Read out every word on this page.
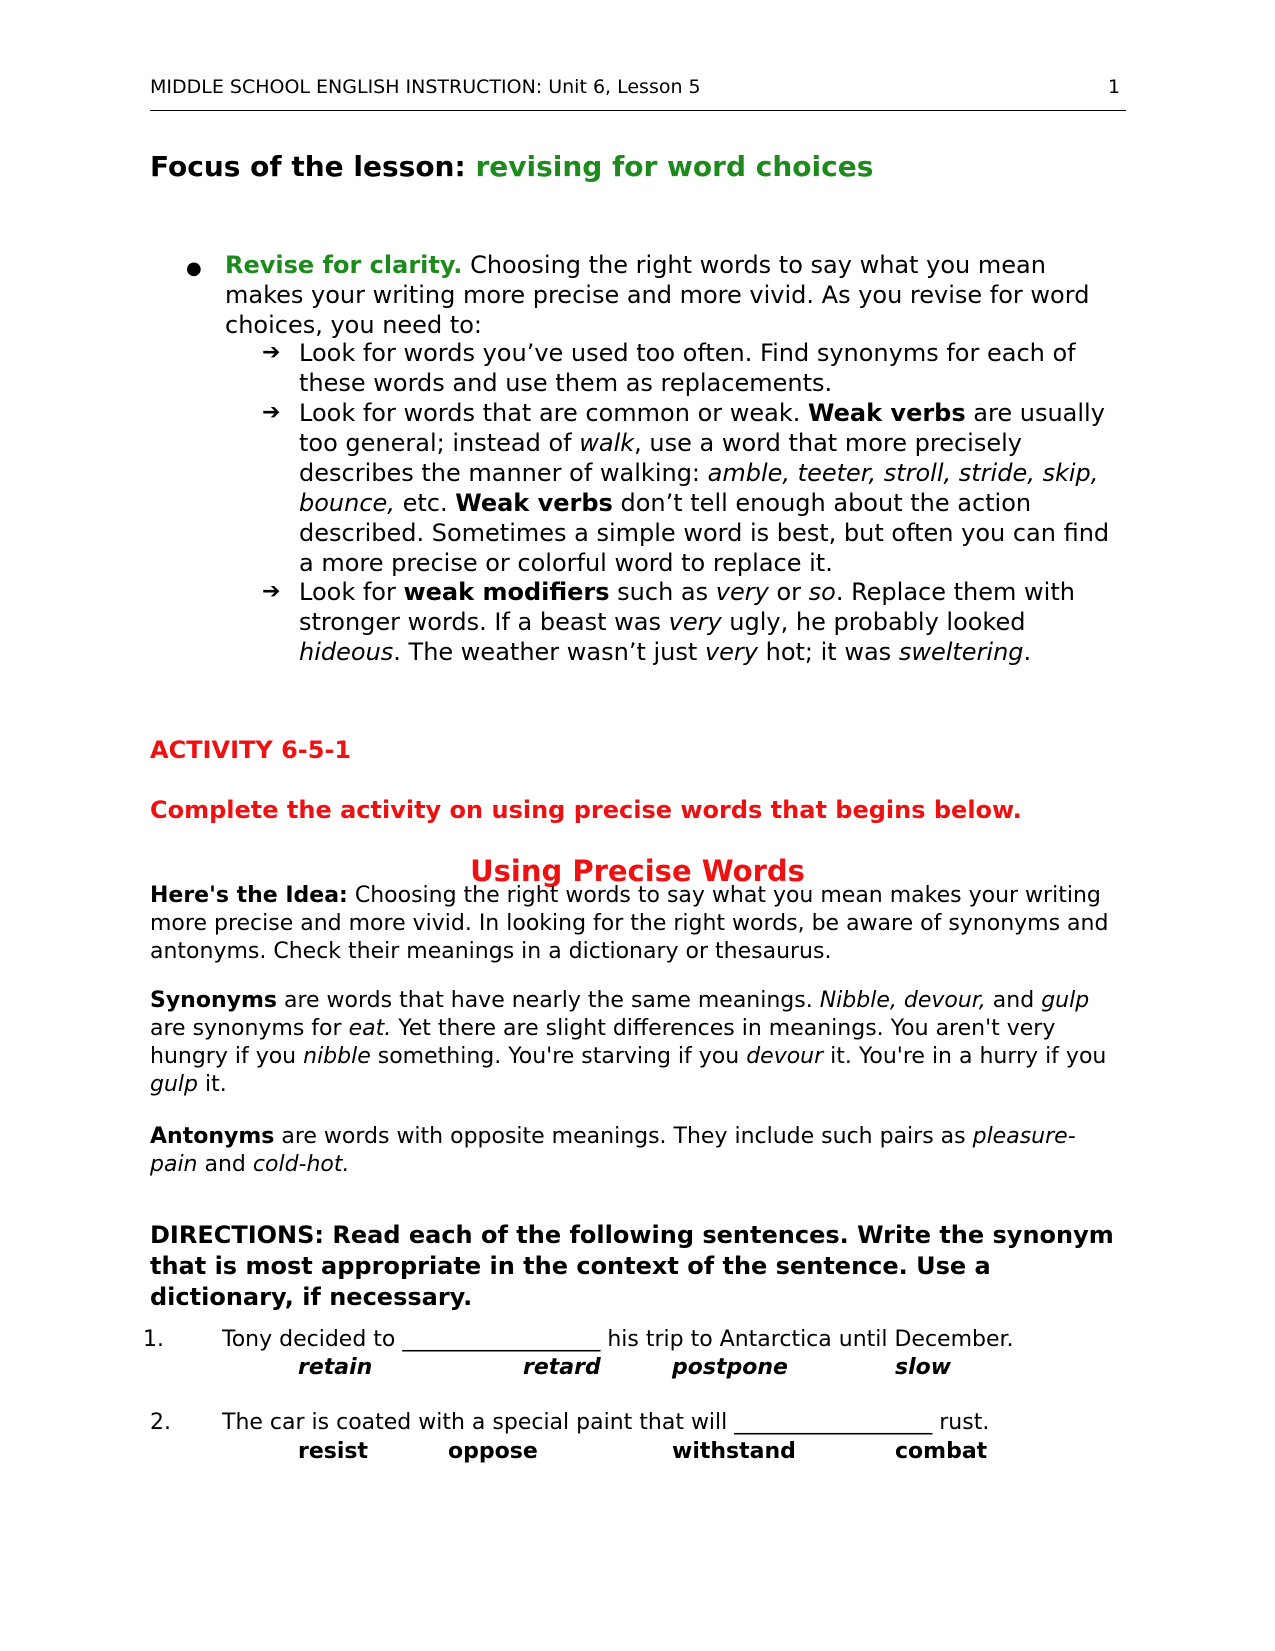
MIDDLE SCHOOL ENGLISH INSTRUCTION: Unit 6, Lesson 5	1
Focus of the lesson: revising for word choices
● Revise for clarity. Choosing the right words to say what you mean makes your writing more precise and more vivid. As you revise for word choices, you need to:
➔ Look for words you’ve used too often. Find synonyms for each of these words and use them as replacements.
➔ Look for words that are common or weak. Weak verbs are usually too general; instead of walk, use a word that more precisely describes the manner of walking: amble, teeter, stroll, stride, skip, bounce, etc. Weak verbs don’t tell enough about the action described. Sometimes a simple word is best, but often you can find a more precise or colorful word to replace it.
➔ Look for weak modifiers such as very or so. Replace them with stronger words. If a beast was very ugly, he probably looked hideous. The weather wasn’t just very hot; it was sweltering.
ACTIVITY 6-5-1
Complete the activity on using precise words that begins below.
Using Precise Words
Here's the Idea: Choosing the right words to say what you mean makes your writing more precise and more vivid. In looking for the right words, be aware of synonyms and antonyms. Check their meanings in a dictionary or thesaurus.
Synonyms are words that have nearly the same meanings. Nibble, devour, and gulp are synonyms for eat. Yet there are slight differences in meanings. You aren't very hungry if you nibble something. You're starving if you devour it. You're in a hurry if you gulp it.
Antonyms are words with opposite meanings. They include such pairs as pleasure-pain and cold-hot.
DIRECTIONS: Read each of the following sentences. Write the synonym that is most appropriate in the context of the sentence. Use a dictionary, if necessary.
1.	Tony decided to __________________ his trip to Antarctica until December.
retain	retard	postpone	slow
2. The car is coated with a special paint that will __________________ rust.
resist	oppose	withstand	combat
